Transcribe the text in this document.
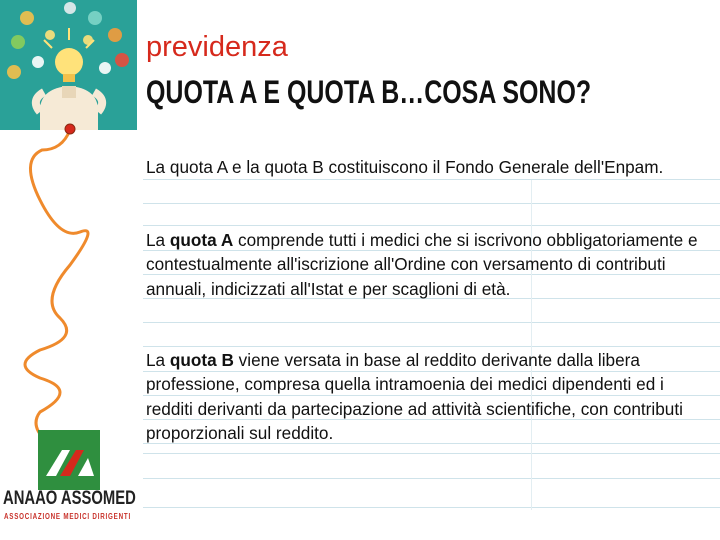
previdenza
QUOTA A E QUOTA B…COSA SONO?
La quota A e la quota B costituiscono il Fondo Generale dell'Enpam.
La quota A comprende tutti i medici che si iscrivono obbligatoriamente e contestualmente all'iscrizione all'Ordine con versamento di contributi annuali, indicizzati all'Istat e per scaglioni di età.
La quota B viene versata in base al reddito derivante dalla libera professione, compresa quella intramoenia dei medici dipendenti ed i redditi derivanti da partecipazione ad attività scientifiche, con contributi proporzionali sul reddito.
ANAAO ASSOMED
ASSOCIAZIONE MEDICI DIRIGENTI
